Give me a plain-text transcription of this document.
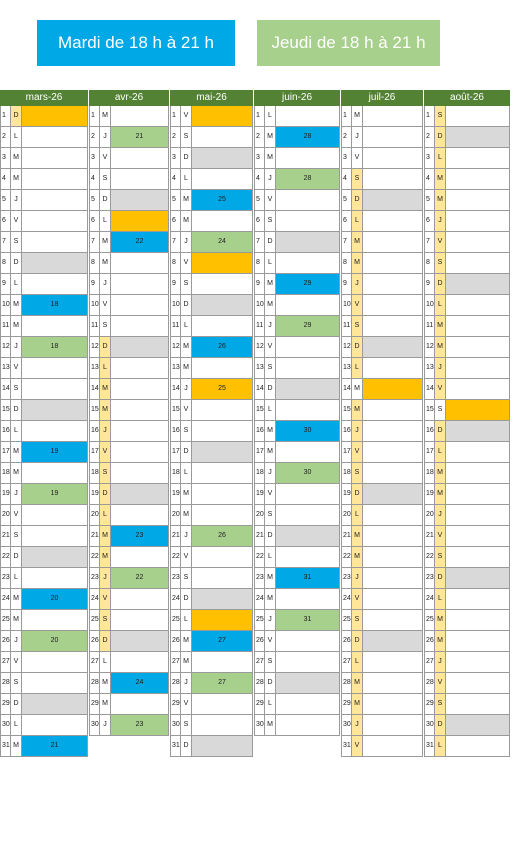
Mardi de 18 h à 21 h	Jeudi de 18 h à 21 h
mars-26
1	D
2	L
3	M
4	M
5	J
6	V
7	S
8	D
9	L
10 M	18
11 M
12 J	18
13 V
14 S
15 D
16 L
17 M	19
18 M
19 J	19
20 V
21 S
22 D
23 L
24 M	20
25 M
26 J	20
27 V
28 S
29 D
30 L
31 M	21
avr-26
1	M
2	J	21
3	V
4	S
5	D
6	L
7	M	22
8	M
9	J
10 V
11 S
12 D
13 L
14 M
15 M
16 J
17 V
18 S
19 D
20 L
21 M	23
22 M
23 J	22
24 V
25 S
26 D
27 L
28 M	24
29 M
30 J	23
mai-26
1	V
2	S
3	D
4	L
5	M	25
6	M
7	J	24
8	V
9	S
10 D
11 L
12 M	26
13 M
14 J	25
15 V
16 S
17 D
18 L
19 M
20 M
21 J	26
22 V
23 S
24 D
25 L
26 M	27
27 M
28 J	27
29 V
30 S
31 D
juin-26
1	L
2	M	28
3	M
4	J	28
5	V
6	S
7	D
8	L
9	M	29
10 M
11 J	29
12 V
13 S
14 D
15 L
16 M	30
17 M
18 J	30
19 V
20 S
21 D
22 L
23 M	31
24 M
25 J	31
26 V
27 S
28 D
29 L
30 M
juil-26
1	M
2	J
3	V
4	S
5	D
6	L
7	M
8	M
9	J
10 V
11 S
12 D
13 L
14 M
15 M
16 J
17 V
18 S
19 D
20 L
21 M
22 M
23 J
24 V
25 S
26 D
27 L
28 M
29 M
30 J
31 V
août-26
1	S
2	D
3	L
4	M
5	M
6	J
7	V
8	S
9	D
10 L
11 M
12 M
13 J
14 V
15 S
16 D
17 L
18 M
19 M
20 J
21 V
22 S
23 D
24 L
25 M
26 M
27 J
28 V
29 S
30 D
31 L
